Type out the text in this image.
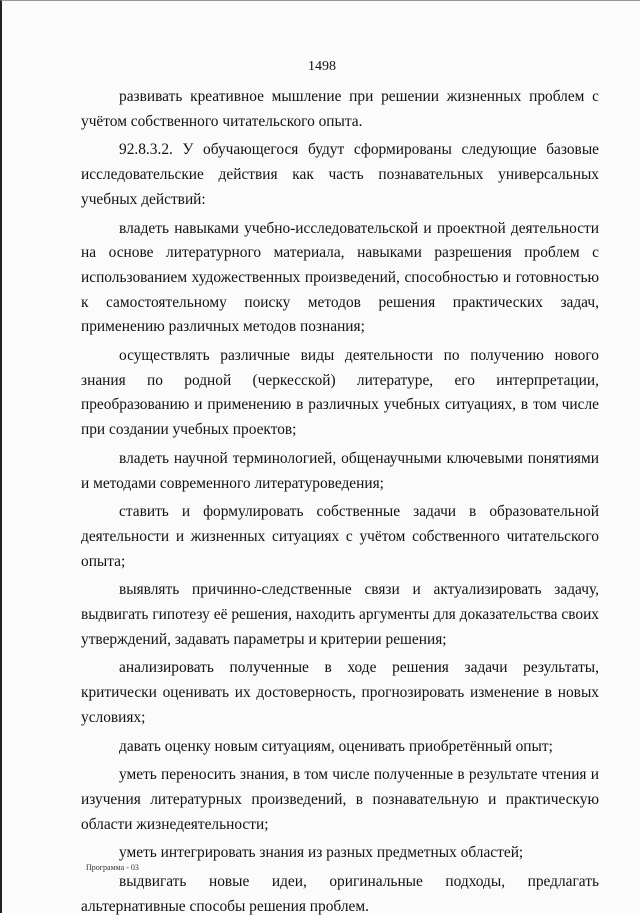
1498

развивать креативное мышление при решении жизненных проблем с учётом собственного читательского опыта.

92.8.3.2. У обучающегося будут сформированы следующие базовые исследовательские действия как часть познавательных универсальных учебных действий:

владеть навыками учебно-исследовательской и проектной деятельности на основе литературного материала, навыками разрешения проблем с использованием художественных произведений, способностью и готовностью к самостоятельному поиску методов решения практических задач, применению различных методов познания;

осуществлять различные виды деятельности по получению нового знания по родной (черкесской) литературе, его интерпретации, преобразованию и применению в различных учебных ситуациях, в том числе при создании учебных проектов;

владеть научной терминологией, общенаучными ключевыми понятиями и методами современного литературоведения;

ставить и формулировать собственные задачи в образовательной деятельности и жизненных ситуациях с учётом собственного читательского опыта;

выявлять причинно-следственные связи и актуализировать задачу, выдвигать гипотезу её решения, находить аргументы для доказательства своих утверждений, задавать параметры и критерии решения;

анализировать полученные в ходе решения задачи результаты, критически оценивать их достоверность, прогнозировать изменение в новых условиях;

давать оценку новым ситуациям, оценивать приобретённый опыт;

уметь переносить знания, в том числе полученные в результате чтения и изучения литературных произведений, в познавательную и практическую области жизнедеятельности;

уметь интегрировать знания из разных предметных областей;

выдвигать новые идеи, оригинальные подходы, предлагать альтернативные способы решения проблем.

Программа - 03
